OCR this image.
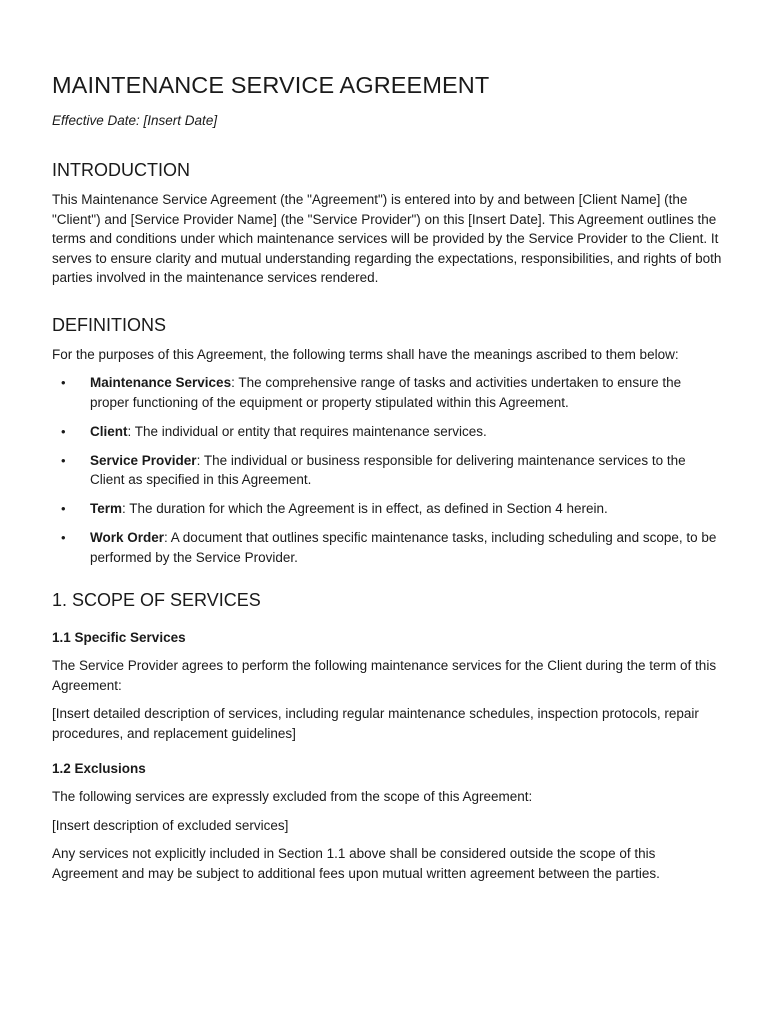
MAINTENANCE SERVICE AGREEMENT

Effective Date: [Insert Date]

INTRODUCTION

This Maintenance Service Agreement (the "Agreement") is entered into by and between [Client Name] (the "Client") and [Service Provider Name] (the "Service Provider") on this [Insert Date]. This Agreement outlines the terms and conditions under which maintenance services will be provided by the Service Provider to the Client. It serves to ensure clarity and mutual understanding regarding the expectations, responsibilities, and rights of both parties involved in the maintenance services rendered.

DEFINITIONS

For the purposes of this Agreement, the following terms shall have the meanings ascribed to them below:

• Maintenance Services: The comprehensive range of tasks and activities undertaken to ensure the proper functioning of the equipment or property stipulated within this Agreement.
• Client: The individual or entity that requires maintenance services.
• Service Provider: The individual or business responsible for delivering maintenance services to the Client as specified in this Agreement.
• Term: The duration for which the Agreement is in effect, as defined in Section 4 herein.
• Work Order: A document that outlines specific maintenance tasks, including scheduling and scope, to be performed by the Service Provider.
1. SCOPE OF SERVICES
1.1 Specific Services

The Service Provider agrees to perform the following maintenance services for the Client during the term of this Agreement:

[Insert detailed description of services, including regular maintenance schedules, inspection protocols, repair procedures, and replacement guidelines]

1.2 Exclusions

The following services are expressly excluded from the scope of this Agreement:

[Insert description of excluded services]

Any services not explicitly included in Section 1.1 above shall be considered outside the scope of this Agreement and may be subject to additional fees upon mutual written agreement between the parties.
